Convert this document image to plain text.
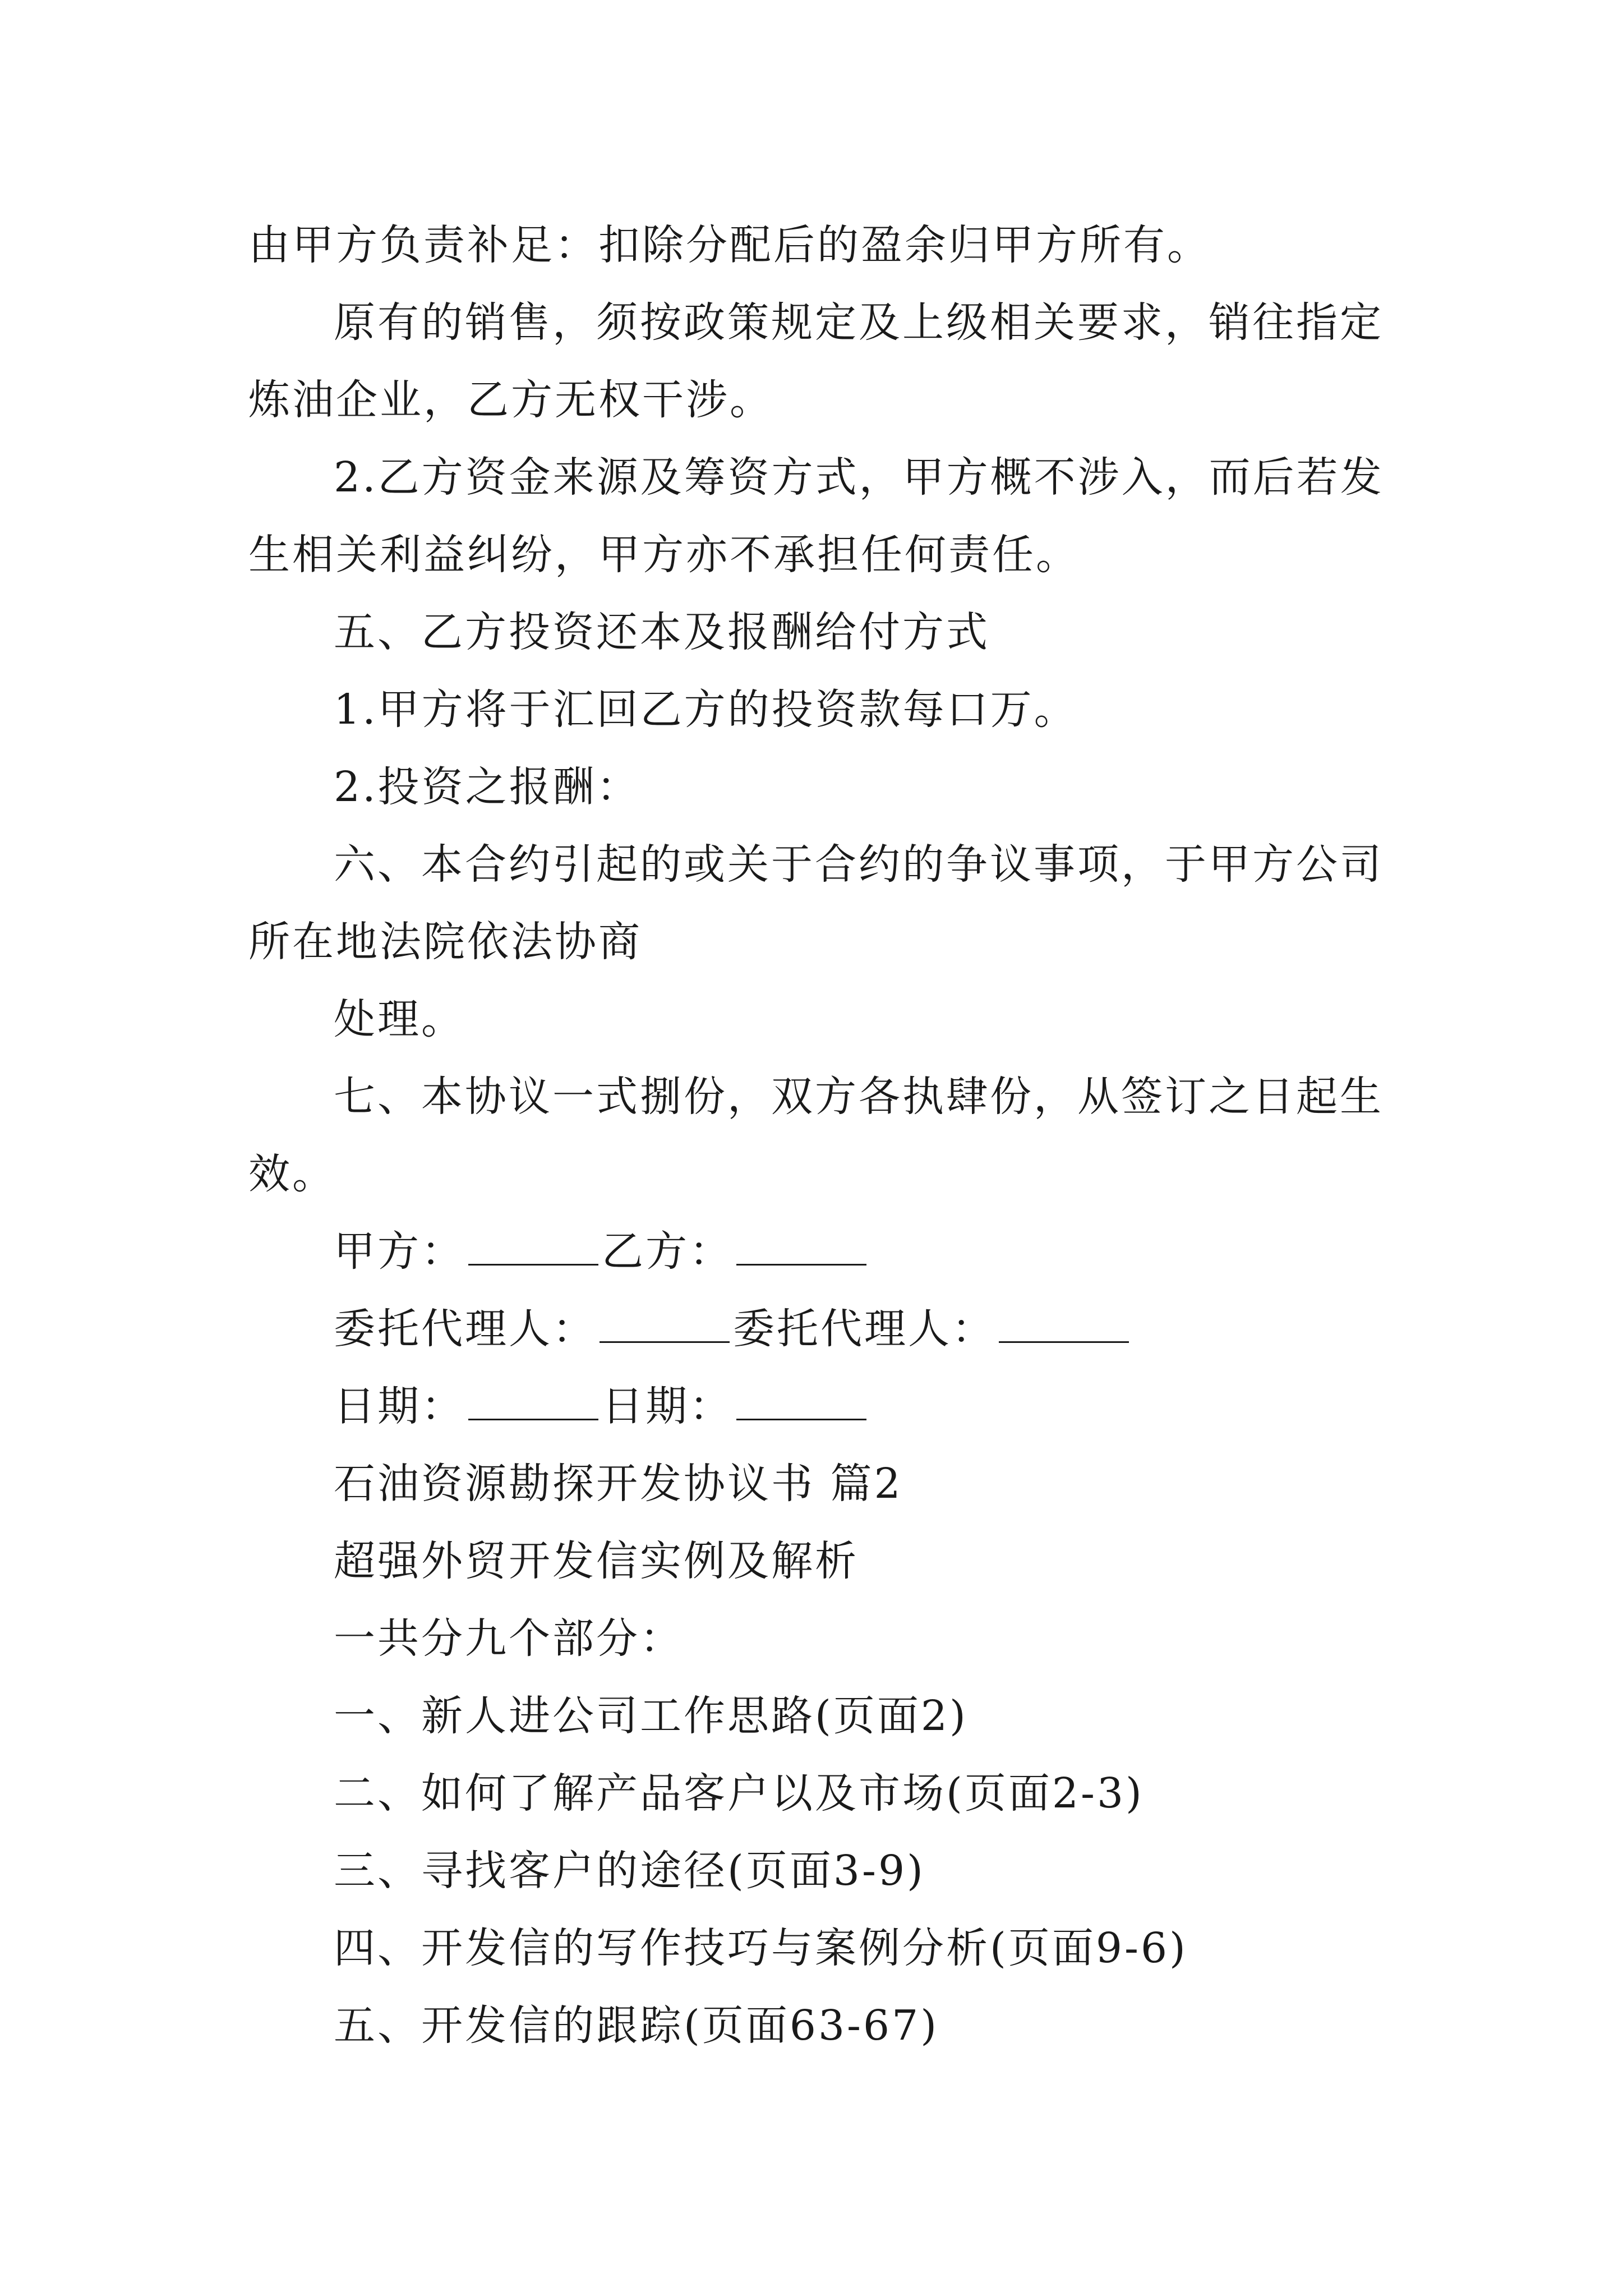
由甲方负责补足：扣除分配后的盈余归甲方所有。

原有的销售，须按政策规定及上级相关要求，销往指定炼油企业，乙方无权干涉。

2.乙方资金来源及筹资方式，甲方概不涉入，而后若发生相关利益纠纷，甲方亦不承担任何责任。

五、乙方投资还本及报酬给付方式

1.甲方将于汇回乙方的投资款每口万。

2.投资之报酬：

六、本合约引起的或关于合约的争议事项，于甲方公司所在地法院依法协商

处理。

七、本协议一式捌份，双方各执肆份，从签订之日起生效。

甲方：	乙方：

委托代理人：	委托代理人：

日期：	日期：

石油资源勘探开发协议书 篇2

超强外贸开发信实例及解析

一共分九个部分：

一、新人进公司工作思路(页面2)

二、如何了解产品客户以及市场(页面2-3)

三、寻找客户的途径(页面3-9)

四、开发信的写作技巧与案例分析(页面9-6)

五、开发信的跟踪(页面63-67)
